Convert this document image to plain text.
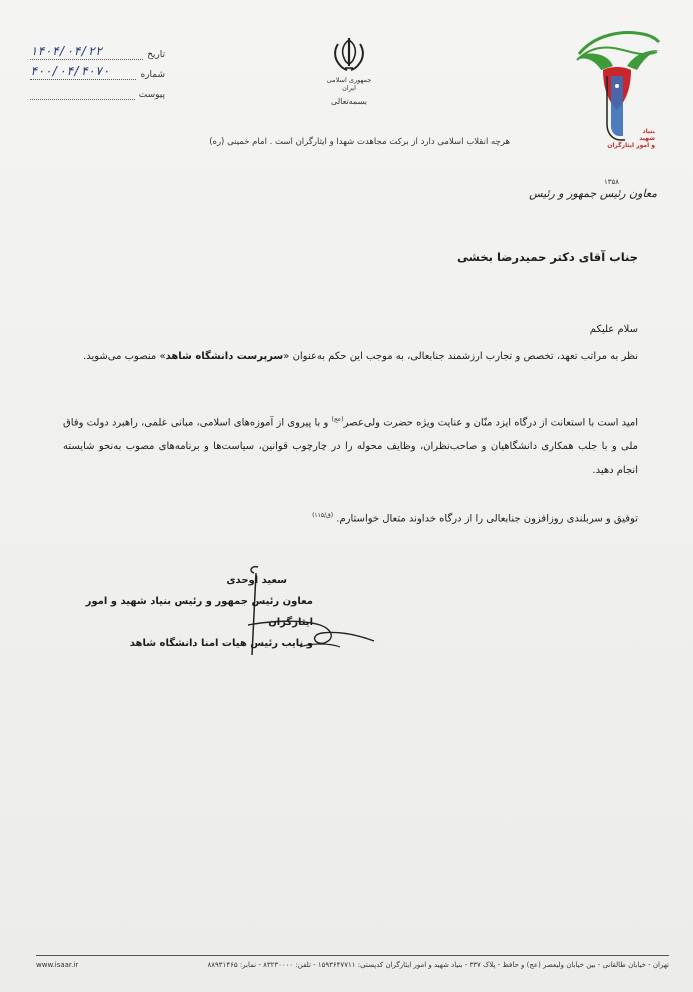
تاریخ
۱۴۰۴/۰۴/۲۲
شماره
۴۰۰/۰۴/۴۰۷۰
پیوست
جمهوری اسلامی ایران
بسمه‌تعالی
بنیاد
شهید
و امور ایثارگران
۱۳۵۸
معاون رئیس جمهور و رئیس
هرچه انقلاب اسلامی دارد از برکت مجاهدت شهدا و ایثارگران است . امام خمینی (ره)
جناب آقای دکتر حمیدرضا بخشی
سلام علیکم
نظر به مراتب تعهد، تخصص و تجارب ارزشمند جنابعالی، به موجب این حکم به‌عنوان «سرپرست دانشگاه شاهد» منصوب می‌شوید.
امید است با استعانت از درگاه ایزد منّان و عنایت ویژه حضرت ولی‌عصر$^{(عج)}$ و با پیروی از آموزه‌های اسلامی، مبانی علمی، راهبرد دولت وفاق ملی و با جلب همکاری دانشگاهیان و صاحب‌نظران، وظایف محوله را در چارچوب قوانین، سیاست‌ها و برنامه‌های مصوب به‌نحو شایسته انجام دهید.
توفیق و سربلندی روزافزون جنابعالی را از درگاه خداوند متعال خواستارم. $^{(ق/۱۱۵)}$
سعید اوحدی
معاون رئیس جمهور و رئیس بنیاد شهید و امور ایثارگران
و نایب رئیس هیات امنا دانشگاه شاهد
www.isaar.ir	تهران - خیابان طالقانی - بین خیابان ولیعصر (عج) و حافظ - پلاک ۳۳۷ - بنیاد شهید و امور ایثارگران کدپستی: ۱۵۹۳۶۴۷۷۱۱ - تلفن: ۸۳۲۳۰۰۰۰ - نمابر: ۸۸۹۳۱۴۶۵
